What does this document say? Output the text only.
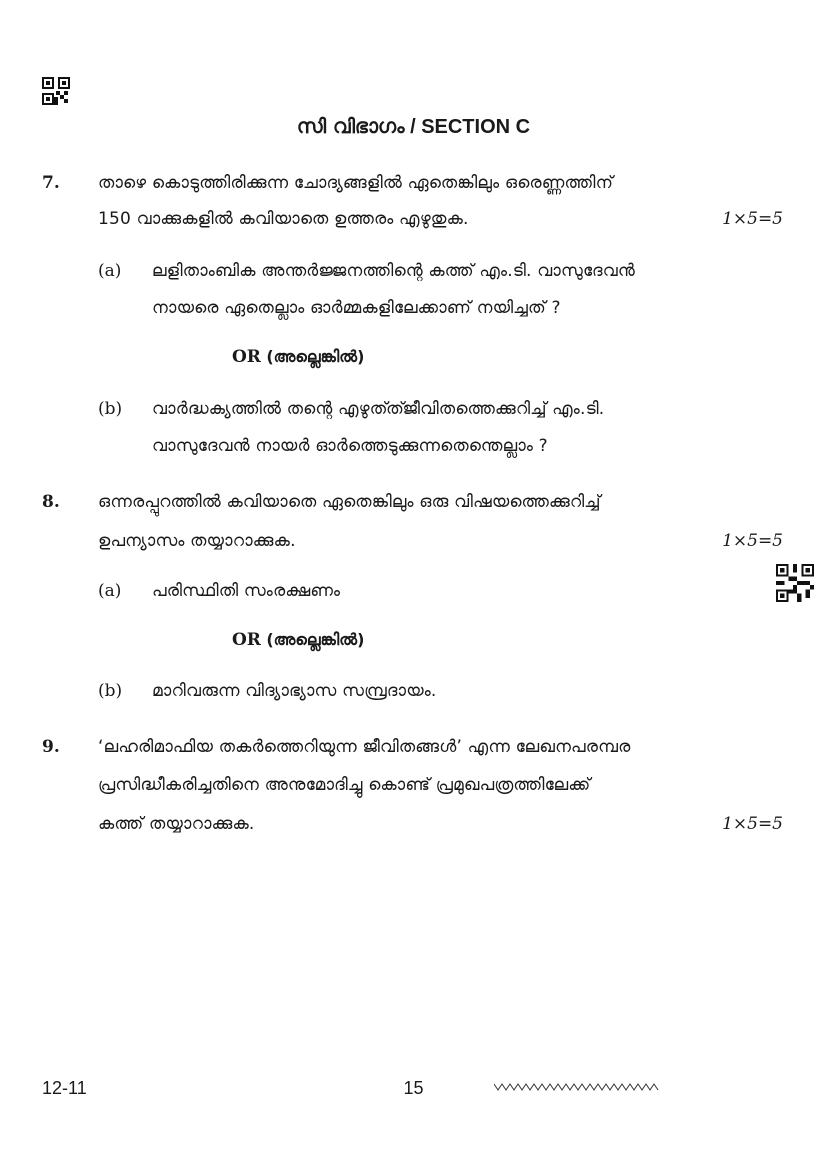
സി വിഭാഗം / SECTION C
7. താഴെ കൊടുത്തിരിക്കുന്ന ചോദ്യങ്ങളിൽ ഏതെങ്കിലും ഒരെണ്ണത്തിന്
150 വാക്കുകളിൽ കവിയാതെ ഉത്തരം എഴുതുക.	1×5=5
(a) ലളിതാംബിക അന്തർജ്ജനത്തിന്റെ കത്ത് എം.ടി. വാസുദേവൻ
നായരെ ഏതെല്ലാം ഓർമ്മകളിലേക്കാണ് നയിച്ചത് ?
OR (അല്ലെങ്കിൽ)
(b) വാർദ്ധക്യത്തിൽ തന്റെ എഴുത്ത്ജീവിതത്തെക്കുറിച്ച് എം.ടി.
വാസുദേവൻ നായർ ഓർത്തെടുക്കുന്നതെന്തെല്ലാം ?
8. ഒന്നരപ്പുറത്തിൽ കവിയാതെ ഏതെങ്കിലും ഒരു വിഷയത്തെക്കുറിച്ച്
ഉപന്യാസം തയ്യാറാക്കുക.	1×5=5
(a) പരിസ്ഥിതി സംരക്ഷണം
OR (അല്ലെങ്കിൽ)
(b) മാറിവരുന്ന വിദ്യാഭ്യാസ സമ്പ്രദായം.
9. ‘ലഹരിമാഫിയ തകർത്തെറിയുന്ന ജീവിതങ്ങൾ’ എന്ന ലേഖനപരമ്പര
പ്രസിദ്ധീകരിച്ചതിനെ അനുമോദിച്ചു കൊണ്ട് പ്രമുഖപത്രത്തിലേക്ക്
കത്ത് തയ്യാറാക്കുക.	1×5=5
12-11	15
